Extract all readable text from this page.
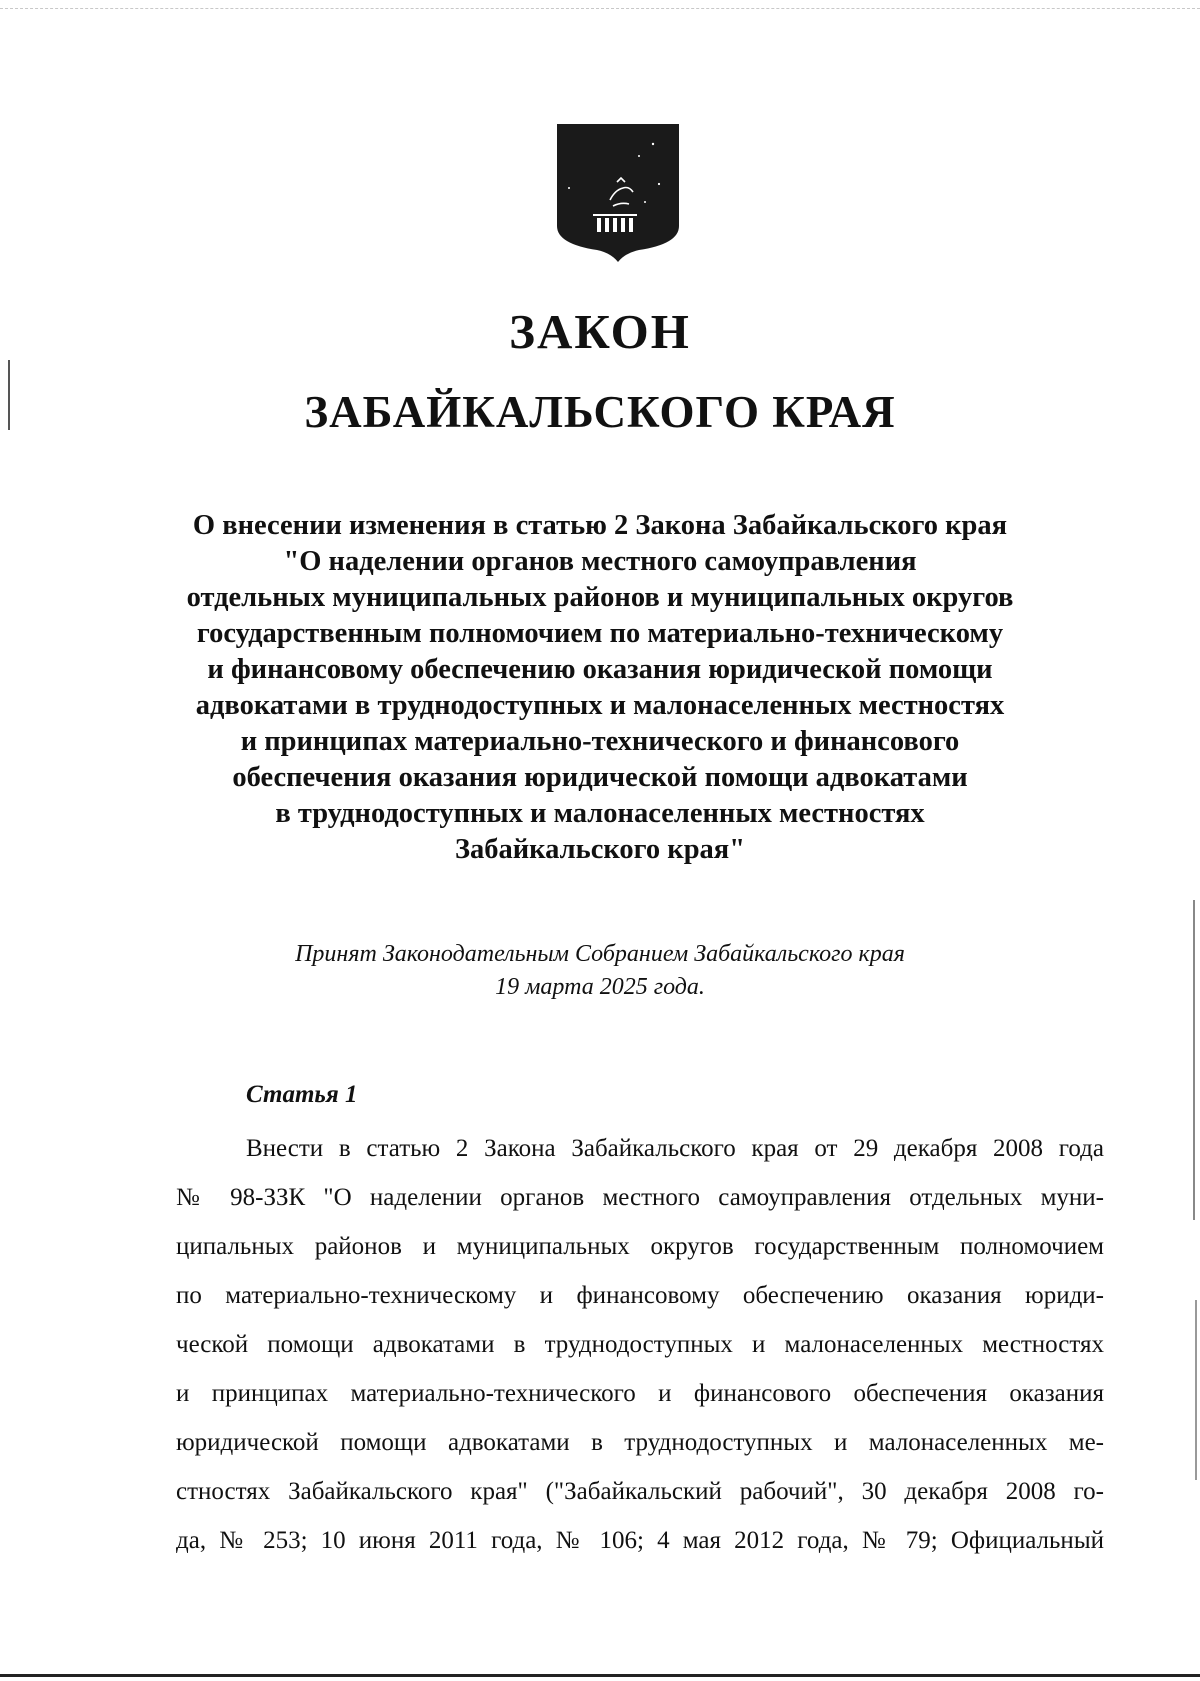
ЗАКОН
ЗАБАЙКАЛЬСКОГО КРАЯ
О внесении изменения в статью 2 Закона Забайкальского края
"О наделении органов местного самоуправления
отдельных муниципальных районов и муниципальных округов
государственным полномочием по материально-техническому
и финансовому обеспечению оказания юридической помощи
адвокатами в труднодоступных и малонаселенных местностях
и принципах материально-технического и финансового
обеспечения оказания юридической помощи адвокатами
в труднодоступных и малонаселенных местностях
Забайкальского края"
Принят Законодательным Собранием Забайкальского края
19 марта 2025 года.
Статья 1
Внести в статью 2 Закона Забайкальского края от 29 декабря 2008 года
№ 98-ЗЗК "О наделении органов местного самоуправления отдельных муни-
ципальных районов и муниципальных округов государственным полномочием
по материально-техническому и финансовому обеспечению оказания юриди-
ческой помощи адвокатами в труднодоступных и малонаселенных местностях
и принципах материально-технического и финансового обеспечения оказания
юридической помощи адвокатами в труднодоступных и малонаселенных ме-
стностях Забайкальского края" ("Забайкальский рабочий", 30 декабря 2008 го-
да, № 253; 10 июня 2011 года, № 106; 4 мая 2012 года, № 79; Официальный
